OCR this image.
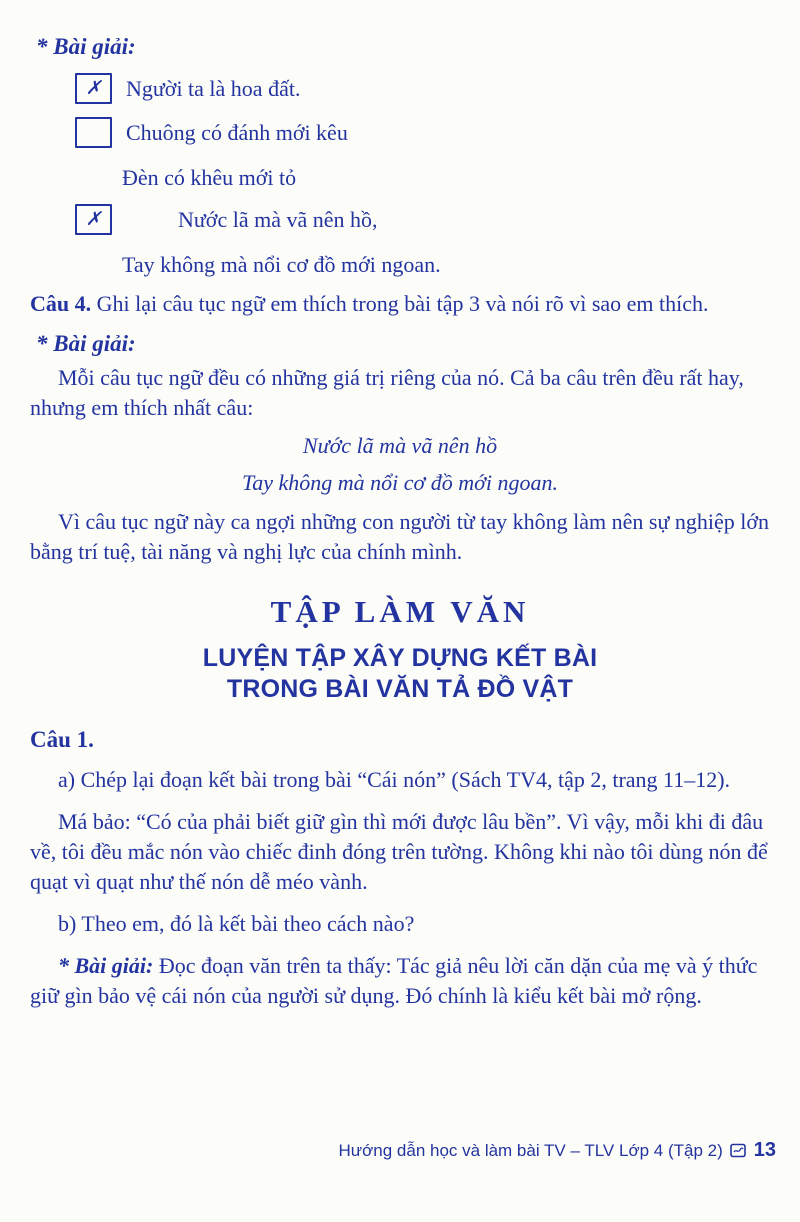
* Bài giải:
✗ Người ta là hoa đất.
Chuông có đánh mới kêu
Đèn có khêu mới tỏ
✗	Nước lã mà vã nên hồ,
Tay không mà nổi cơ đồ mới ngoan.

Câu 4. Ghi lại câu tục ngữ em thích trong bài tập 3 và nói rõ vì sao em thích.

* Bài giải:

Mỗi câu tục ngữ đều có những giá trị riêng của nó. Cả ba câu trên đều rất hay, nhưng em thích nhất câu:

Nước lã mà vã nên hồ
Tay không mà nổi cơ đồ mới ngoan.

Vì câu tục ngữ này ca ngợi những con người từ tay không làm nên sự nghiệp lớn bằng trí tuệ, tài năng và nghị lực của chính mình.

TẬP LÀM VĂN
LUYỆN TẬP XÂY DỰNG KẾT BÀI
TRONG BÀI VĂN TẢ ĐỒ VẬT
Câu 1.

a) Chép lại đoạn kết bài trong bài “Cái nón” (Sách TV4, tập 2, trang 11–12).

Má bảo: “Có của phải biết giữ gìn thì mới được lâu bền”. Vì vậy, mỗi khi đi đâu về, tôi đều mắc nón vào chiếc đinh đóng trên tường. Không khi nào tôi dùng nón để quạt vì quạt như thế nón dễ méo vành.

b) Theo em, đó là kết bài theo cách nào?

* Bài giải: Đọc đoạn văn trên ta thấy: Tác giả nêu lời căn dặn của mẹ và ý thức giữ gìn bảo vệ cái nón của người sử dụng. Đó chính là kiểu kết bài mở rộng.

Hướng dẫn học và làm bài TV – TLV Lớp 4 (Tập 2) 13
